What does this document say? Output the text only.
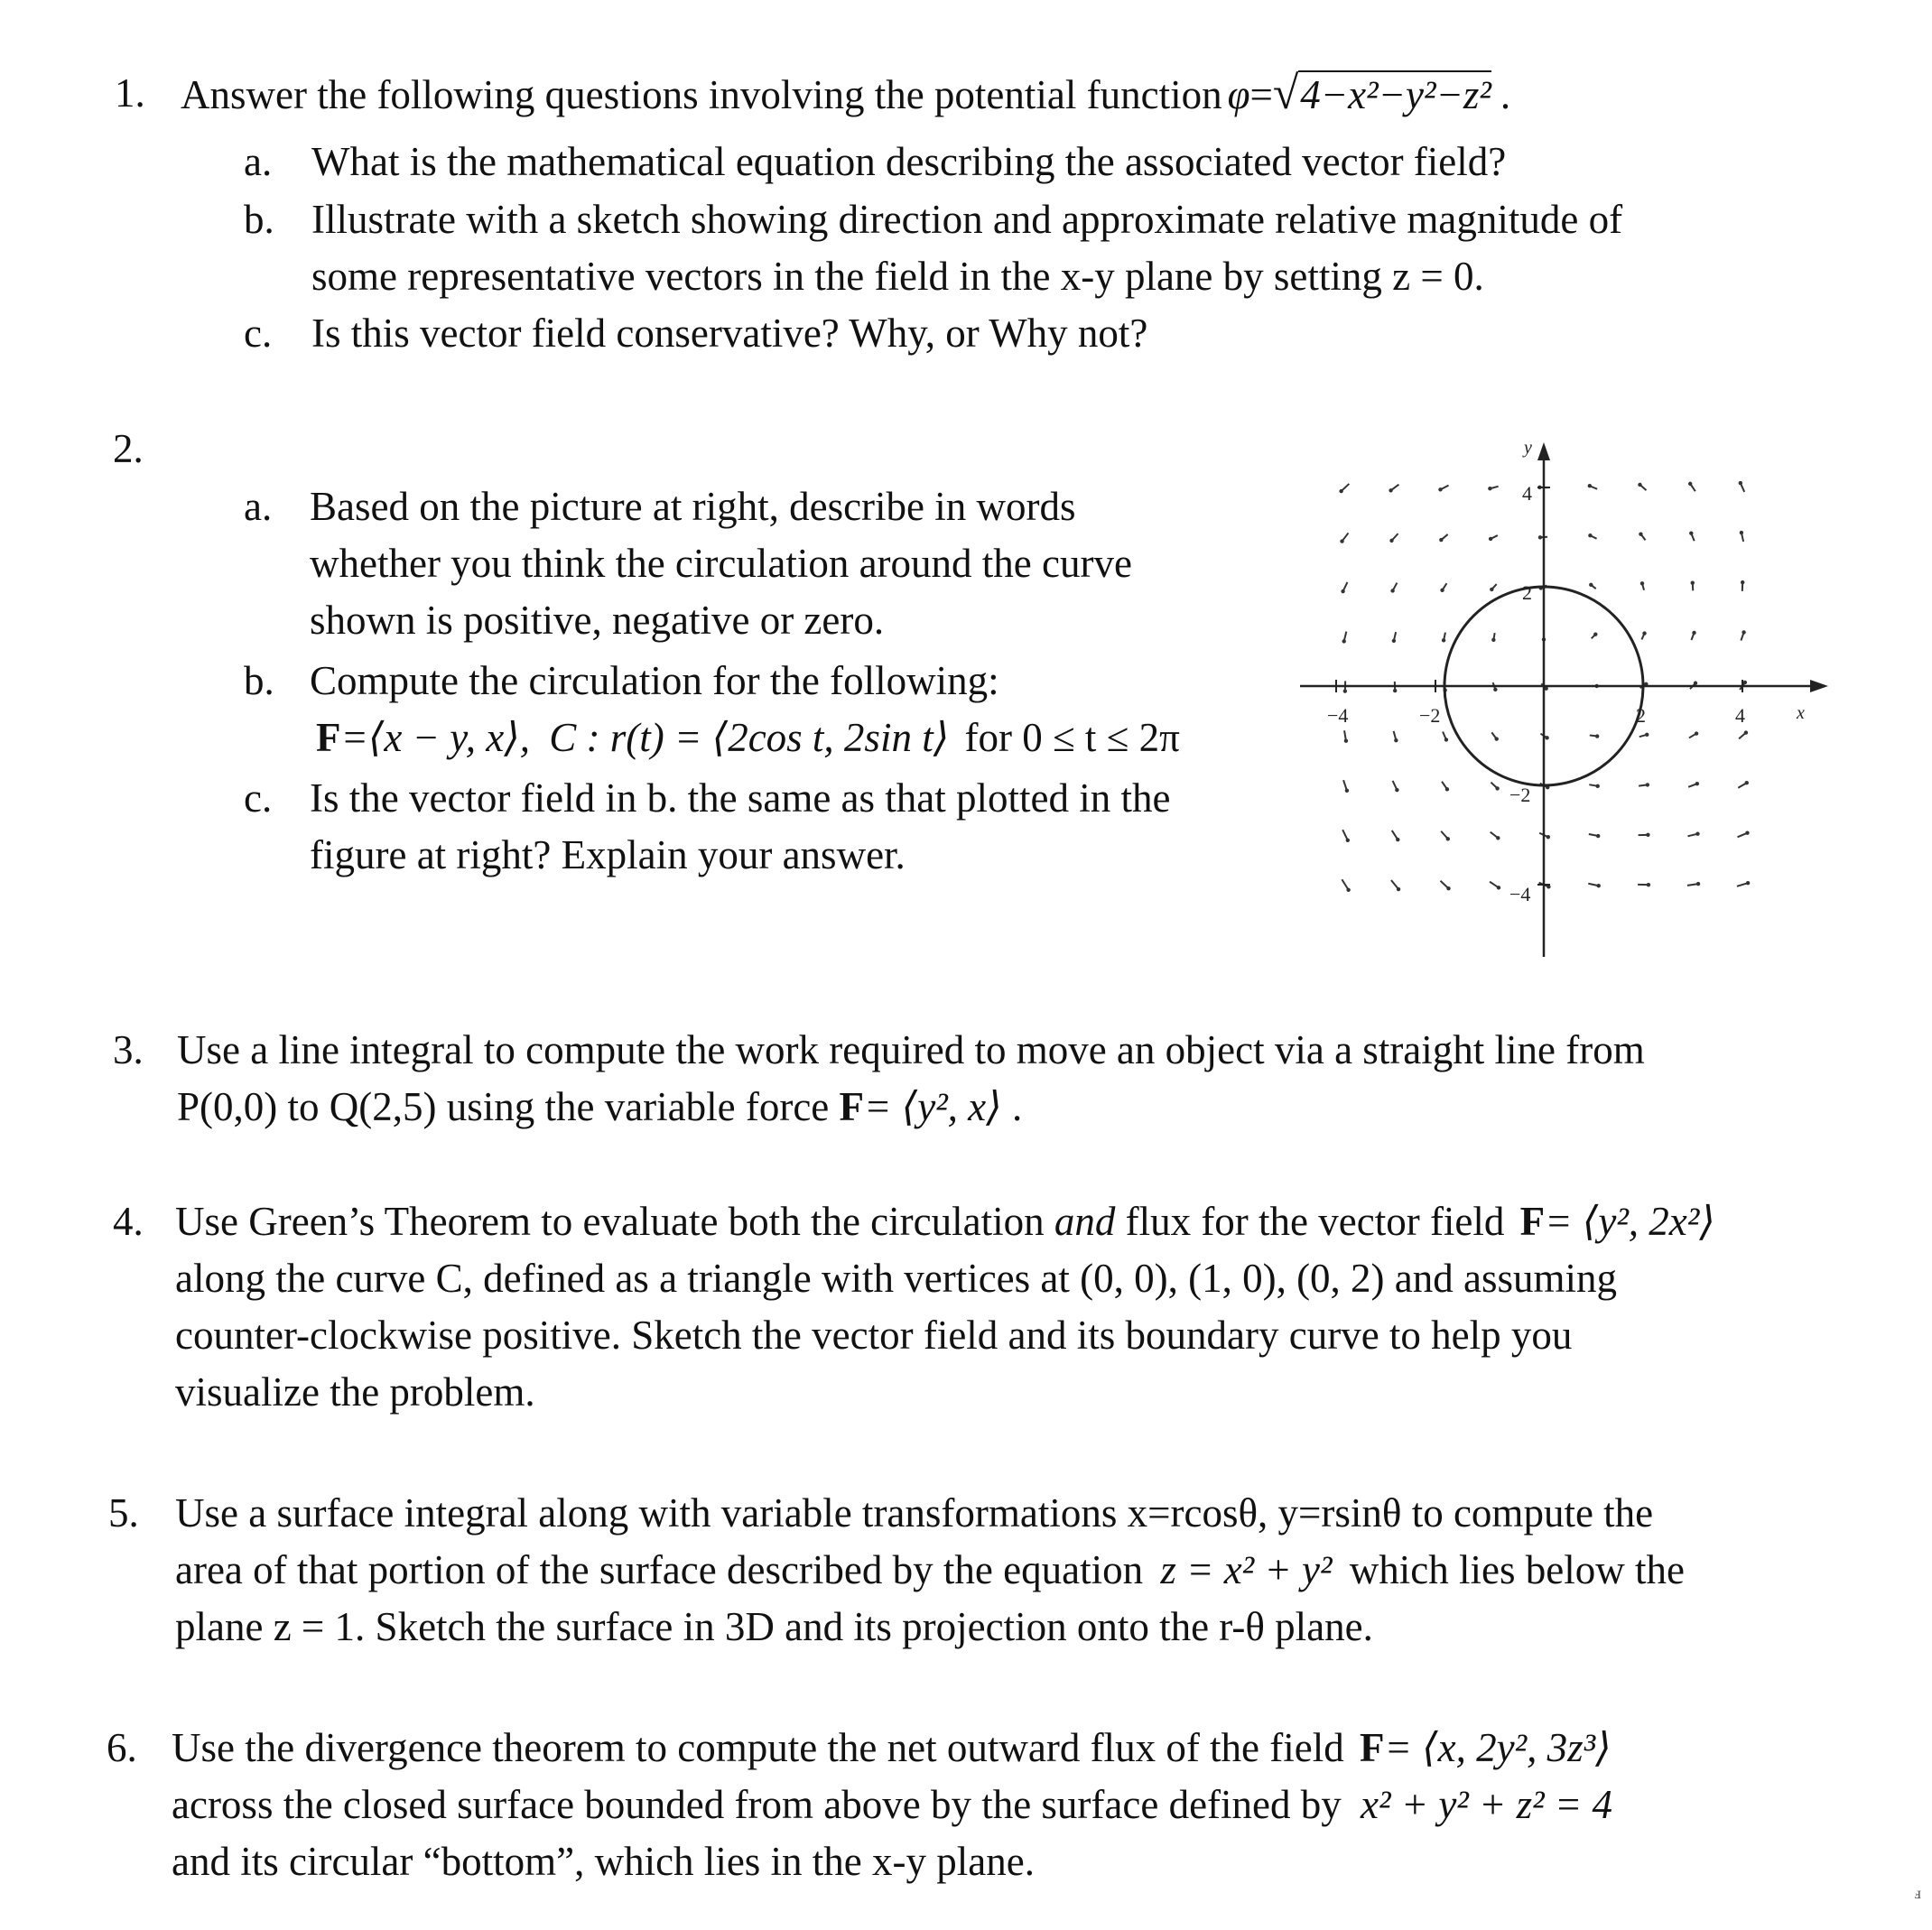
1. Answer the following questions involving the potential function φ=√4−x²−y²−z² .
a. What is the mathematical equation describing the associated vector field?
b. Illustrate with a sketch showing direction and approximate relative magnitude of
some representative vectors in the field in the x-y plane by setting z = 0.
c. Is this vector field conservative? Why, or Why not?
2.
a. Based on the picture at right, describe in words
whether you think the circulation around the curve
shown is positive, negative or zero.
b. Compute the circulation for the following:
F=⟨x − y, x⟩, C : r(t) = ⟨2cos t, 2sin t⟩ for 0 ≤ t ≤ 2π
c. Is the vector field in b. the same as that plotted in the
figure at right? Explain your answer.
y
x
4
2
−2
−4
−4	−2	2	4
3. Use a line integral to compute the work required to move an object via a straight line from
P(0,0) to Q(2,5) using the variable force F= ⟨y², x⟩ .
4. Use Green’s Theorem to evaluate both the circulation and flux for the vector field F= ⟨y², 2x²⟩
along the curve C, defined as a triangle with vertices at (0, 0), (1, 0), (0, 2) and assuming
counter-clockwise positive. Sketch the vector field and its boundary curve to help you
visualize the problem.
5. Use a surface integral along with variable transformations x=rcosθ, y=rsinθ to compute the
area of that portion of the surface described by the equation z = x² + y² which lies below the
plane z = 1. Sketch the surface in 3D and its projection onto the r-θ plane.
6. Use the divergence theorem to compute the net outward flux of the field F= ⟨x, 2y², 3z³⟩
across the closed surface bounded from above by the surface defined by x² + y² + z² = 4
and its circular “bottom”, which lies in the x-y plane.
ⅎ
